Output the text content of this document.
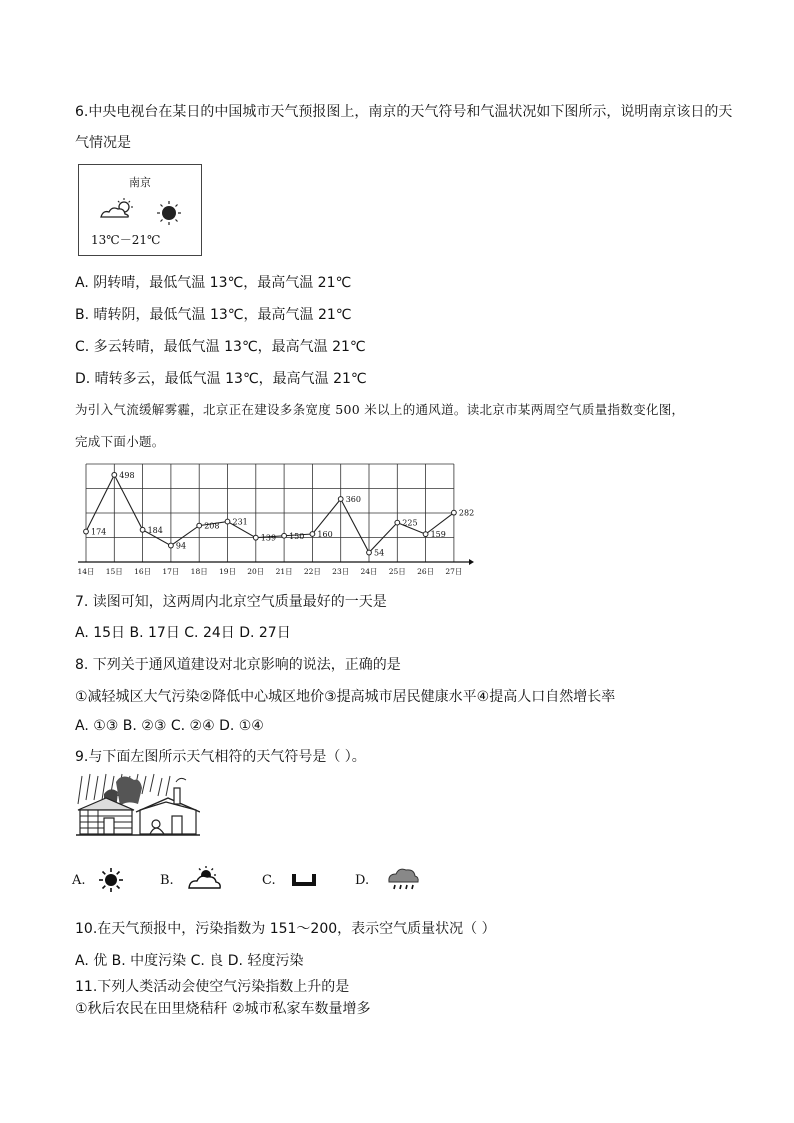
6.中央电视台在某日的中国城市天气预报图上，南京的天气符号和气温状况如下图所示，说明南京该日的天
气情况是
南京
13℃－21℃
A. 阴转晴，最低气温 13℃，最高气温 21℃
B. 晴转阴，最低气温 13℃，最高气温 21℃
C. 多云转晴，最低气温 13℃，最高气温 21℃
D. 晴转多云，最低气温 13℃，最高气温 21℃
为引入气流缓解雾霾，北京正在建设多条宽度 500 米以上的通风道。读北京市某两周空气质量指数变化图，
完成下面小题。
174
498
184
94
208 231
139 150 160
360
54
225
159
282
14日 15日 16日 17日 18日 19日 20日 21日 22日 23日 24日 25日 26日 27日
7. 读图可知，这两周内北京空气质量最好的一天是
A. 15日 B. 17日 C. 24日 D. 27日
8. 下列关于通风道建设对北京影响的说法，正确的是
①减轻城区大气污染②降低中心城区地价③提高城市居民健康水平④提高人口自然增长率
A. ①③ B. ②③ C. ②④ D. ①④
9.与下面左图所示天气相符的天气符号是（ ）。
A.	B.	C.	D.
10.在天气预报中，污染指数为 151～200，表示空气质量状况（ ）
A. 优 B. 中度污染 C. 良 D. 轻度污染
11.下列人类活动会使空气污染指数上升的是
①秋后农民在田里烧秸秆 ②城市私家车数量增多
